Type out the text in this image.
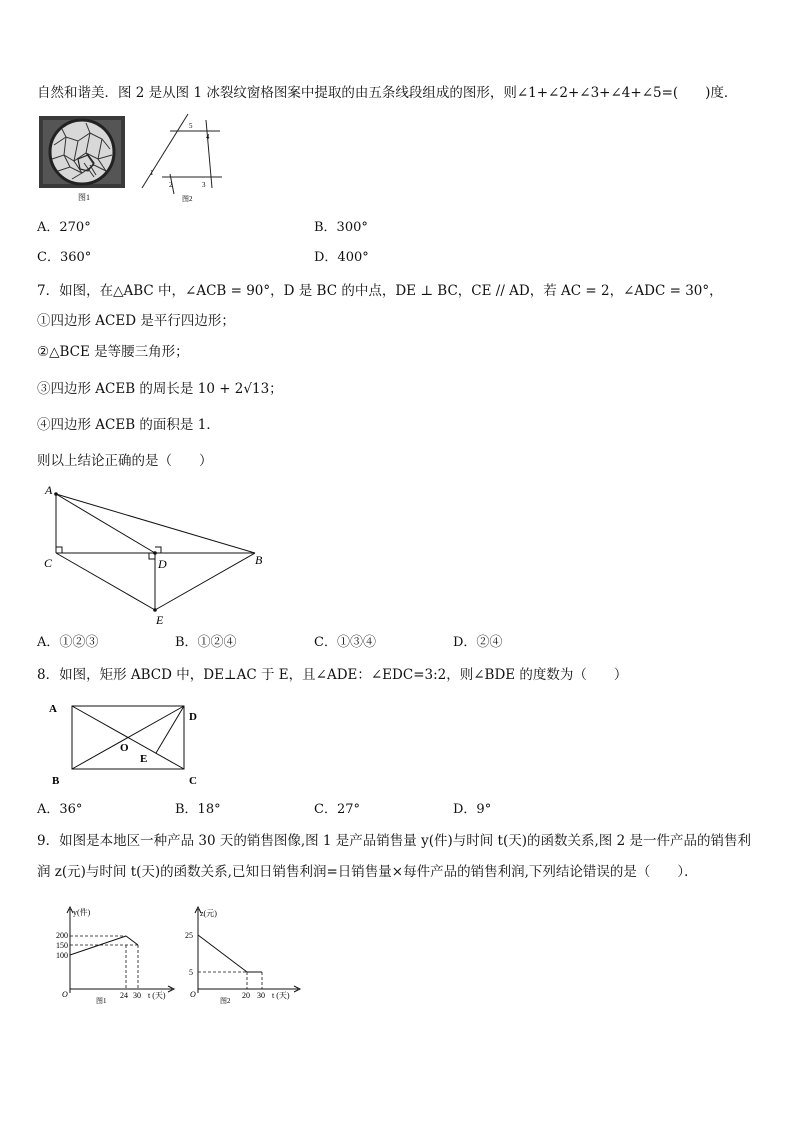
自然和谐美．图 2 是从图 1 冰裂纹窗格图案中提取的由五条线段组成的图形，则∠1+∠2+∠3+∠4+∠5=(　　)度．
图1
5
4
1
2	3
图2
A．270°	B．300°
C．360°	D．400°
7．如图，在△ABC 中，∠ACB = 90°，D 是 BC 的中点，DE ⊥ BC，CE // AD，若 AC = 2，∠ADC = 30°，
①四边形 ACED 是平行四边形；
②△BCE 是等腰三角形；
③四边形 ACEB 的周长是 10 + 2√13；
④四边形 ACEB 的面积是 1．
则以上结论正确的是（　　）
A
C	D	B
E
A．①②③	B．①②④	C．①③④	D．②④
8．如图，矩形 ABCD 中，DE⊥AC 于 E，且∠ADE：∠EDC=3:2，则∠BDE 的度数为（　　）
A
D
O
E
B	C
A．36°	B．18°	C．27°	D．9°
9．如图是本地区一种产品 30 天的销售图像,图 1 是产品销售量 y(件)与时间 t(天)的函数关系,图 2 是一件产品的销售利
润 z(元)与时间 t(天)的函数关系,已知日销售利润=日销售量×每件产品的销售利润,下列结论错误的是（　　）．
y(件)
200
150
100
O	24 30 t (天)
图1
z(元)
25
5
O	20 30 t (天)
图2
